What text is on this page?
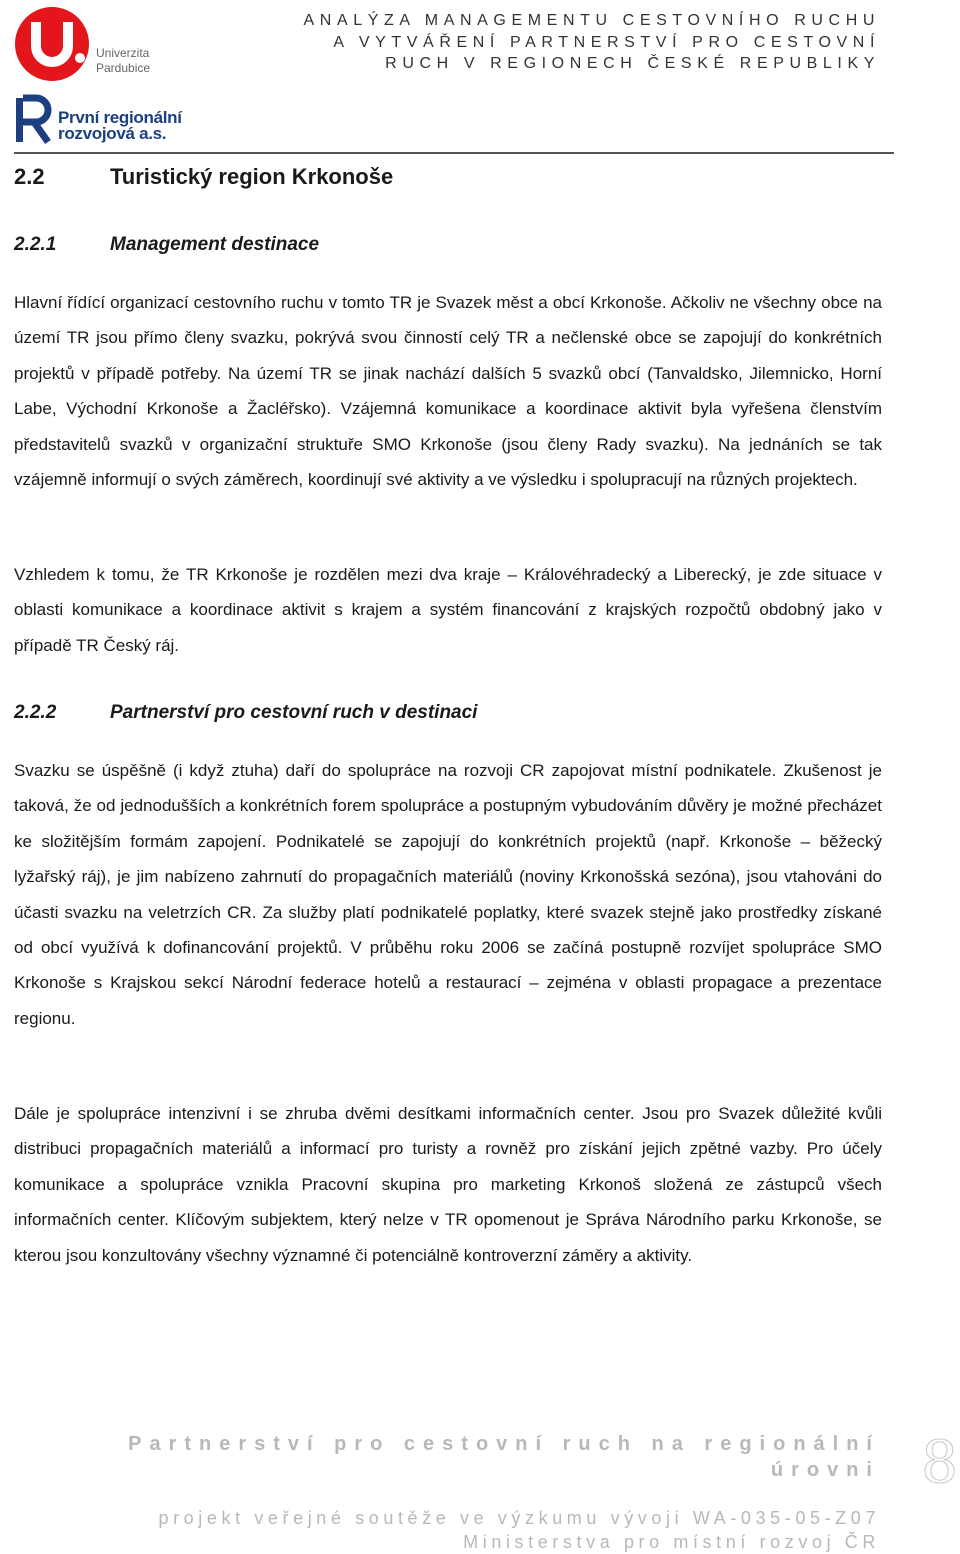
Univerzita Pardubice
První regionální rozvojová a.s.
ANALÝZA MANAGEMENTU CESTOVNÍHO RUCHU
A VYTVÁŘENÍ PARTNERSTVÍ PRO CESTOVNÍ
RUCH V REGIONECH ČESKÉ REPUBLIKY
2.2	Turistický region Krkonoše
2.2.1	Management destinace

Hlavní řídící organizací cestovního ruchu v tomto TR je Svazek měst a obcí Krkonoše. Ačkoliv ne všechny obce na území TR jsou přímo členy svazku, pokrývá svou činností celý TR a nečlenské obce se zapojují do konkrétních projektů v případě potřeby. Na území TR se jinak nachází dalších 5 svazků obcí (Tanvaldsko, Jilemnicko, Horní Labe, Východní Krkonoše a Žacléřsko). Vzájemná komunikace a koordinace aktivit byla vyřešena členstvím představitelů svazků v organizační struktuře SMO Krkonoše (jsou členy Rady svazku). Na jednáních se tak vzájemně informují o svých záměrech, koordinují své aktivity a ve výsledku i spolupracují na různých projektech.

Vzhledem k tomu, že TR Krkonoše je rozdělen mezi dva kraje – Královéhradecký a Liberecký, je zde situace v oblasti komunikace a koordinace aktivit s krajem a systém financování z krajských rozpočtů obdobný jako v případě TR Český ráj.

2.2.2	Partnerství pro cestovní ruch v destinaci

Svazku se úspěšně (i když ztuha) daří do spolupráce na rozvoji CR zapojovat místní podnikatele. Zkušenost je taková, že od jednodušších a konkrétních forem spolupráce a postupným vybudováním důvěry je možné přecházet ke složitějším formám zapojení. Podnikatelé se zapojují do konkrétních projektů (např. Krkonoše – běžecký lyžařský ráj), je jim nabízeno zahrnutí do propagačních materiálů (noviny Krkonošská sezóna), jsou vtahováni do účasti svazku na veletrzích CR. Za služby platí podnikatelé poplatky, které svazek stejně jako prostředky získané od obcí využívá k dofinancování projektů. V průběhu roku 2006 se začíná postupně rozvíjet spolupráce SMO Krkonoše s Krajskou sekcí Národní federace hotelů a restaurací – zejména v oblasti propagace a prezentace regionu.

Dále je spolupráce intenzivní i se zhruba dvěmi desítkami informačních center. Jsou pro Svazek důležité kvůli distribuci propagačních materiálů a informací pro turisty a rovněž pro získání jejich zpětné vazby. Pro účely komunikace a spolupráce vznikla Pracovní skupina pro marketing Krkonoš složená ze zástupců všech informačních center. Klíčovým subjektem, který nelze v TR opomenout je Správa Národního parku Krkonoše, se kterou jsou konzultovány všechny významné či potenciálně kontroverzní záměry a aktivity.

Partnerství pro cestovní ruch na regionální
úrovni
projekt veřejné soutěže ve výzkumu vývoji WA-035-05-Z07
Ministerstva pro místní rozvoj ČR
8
